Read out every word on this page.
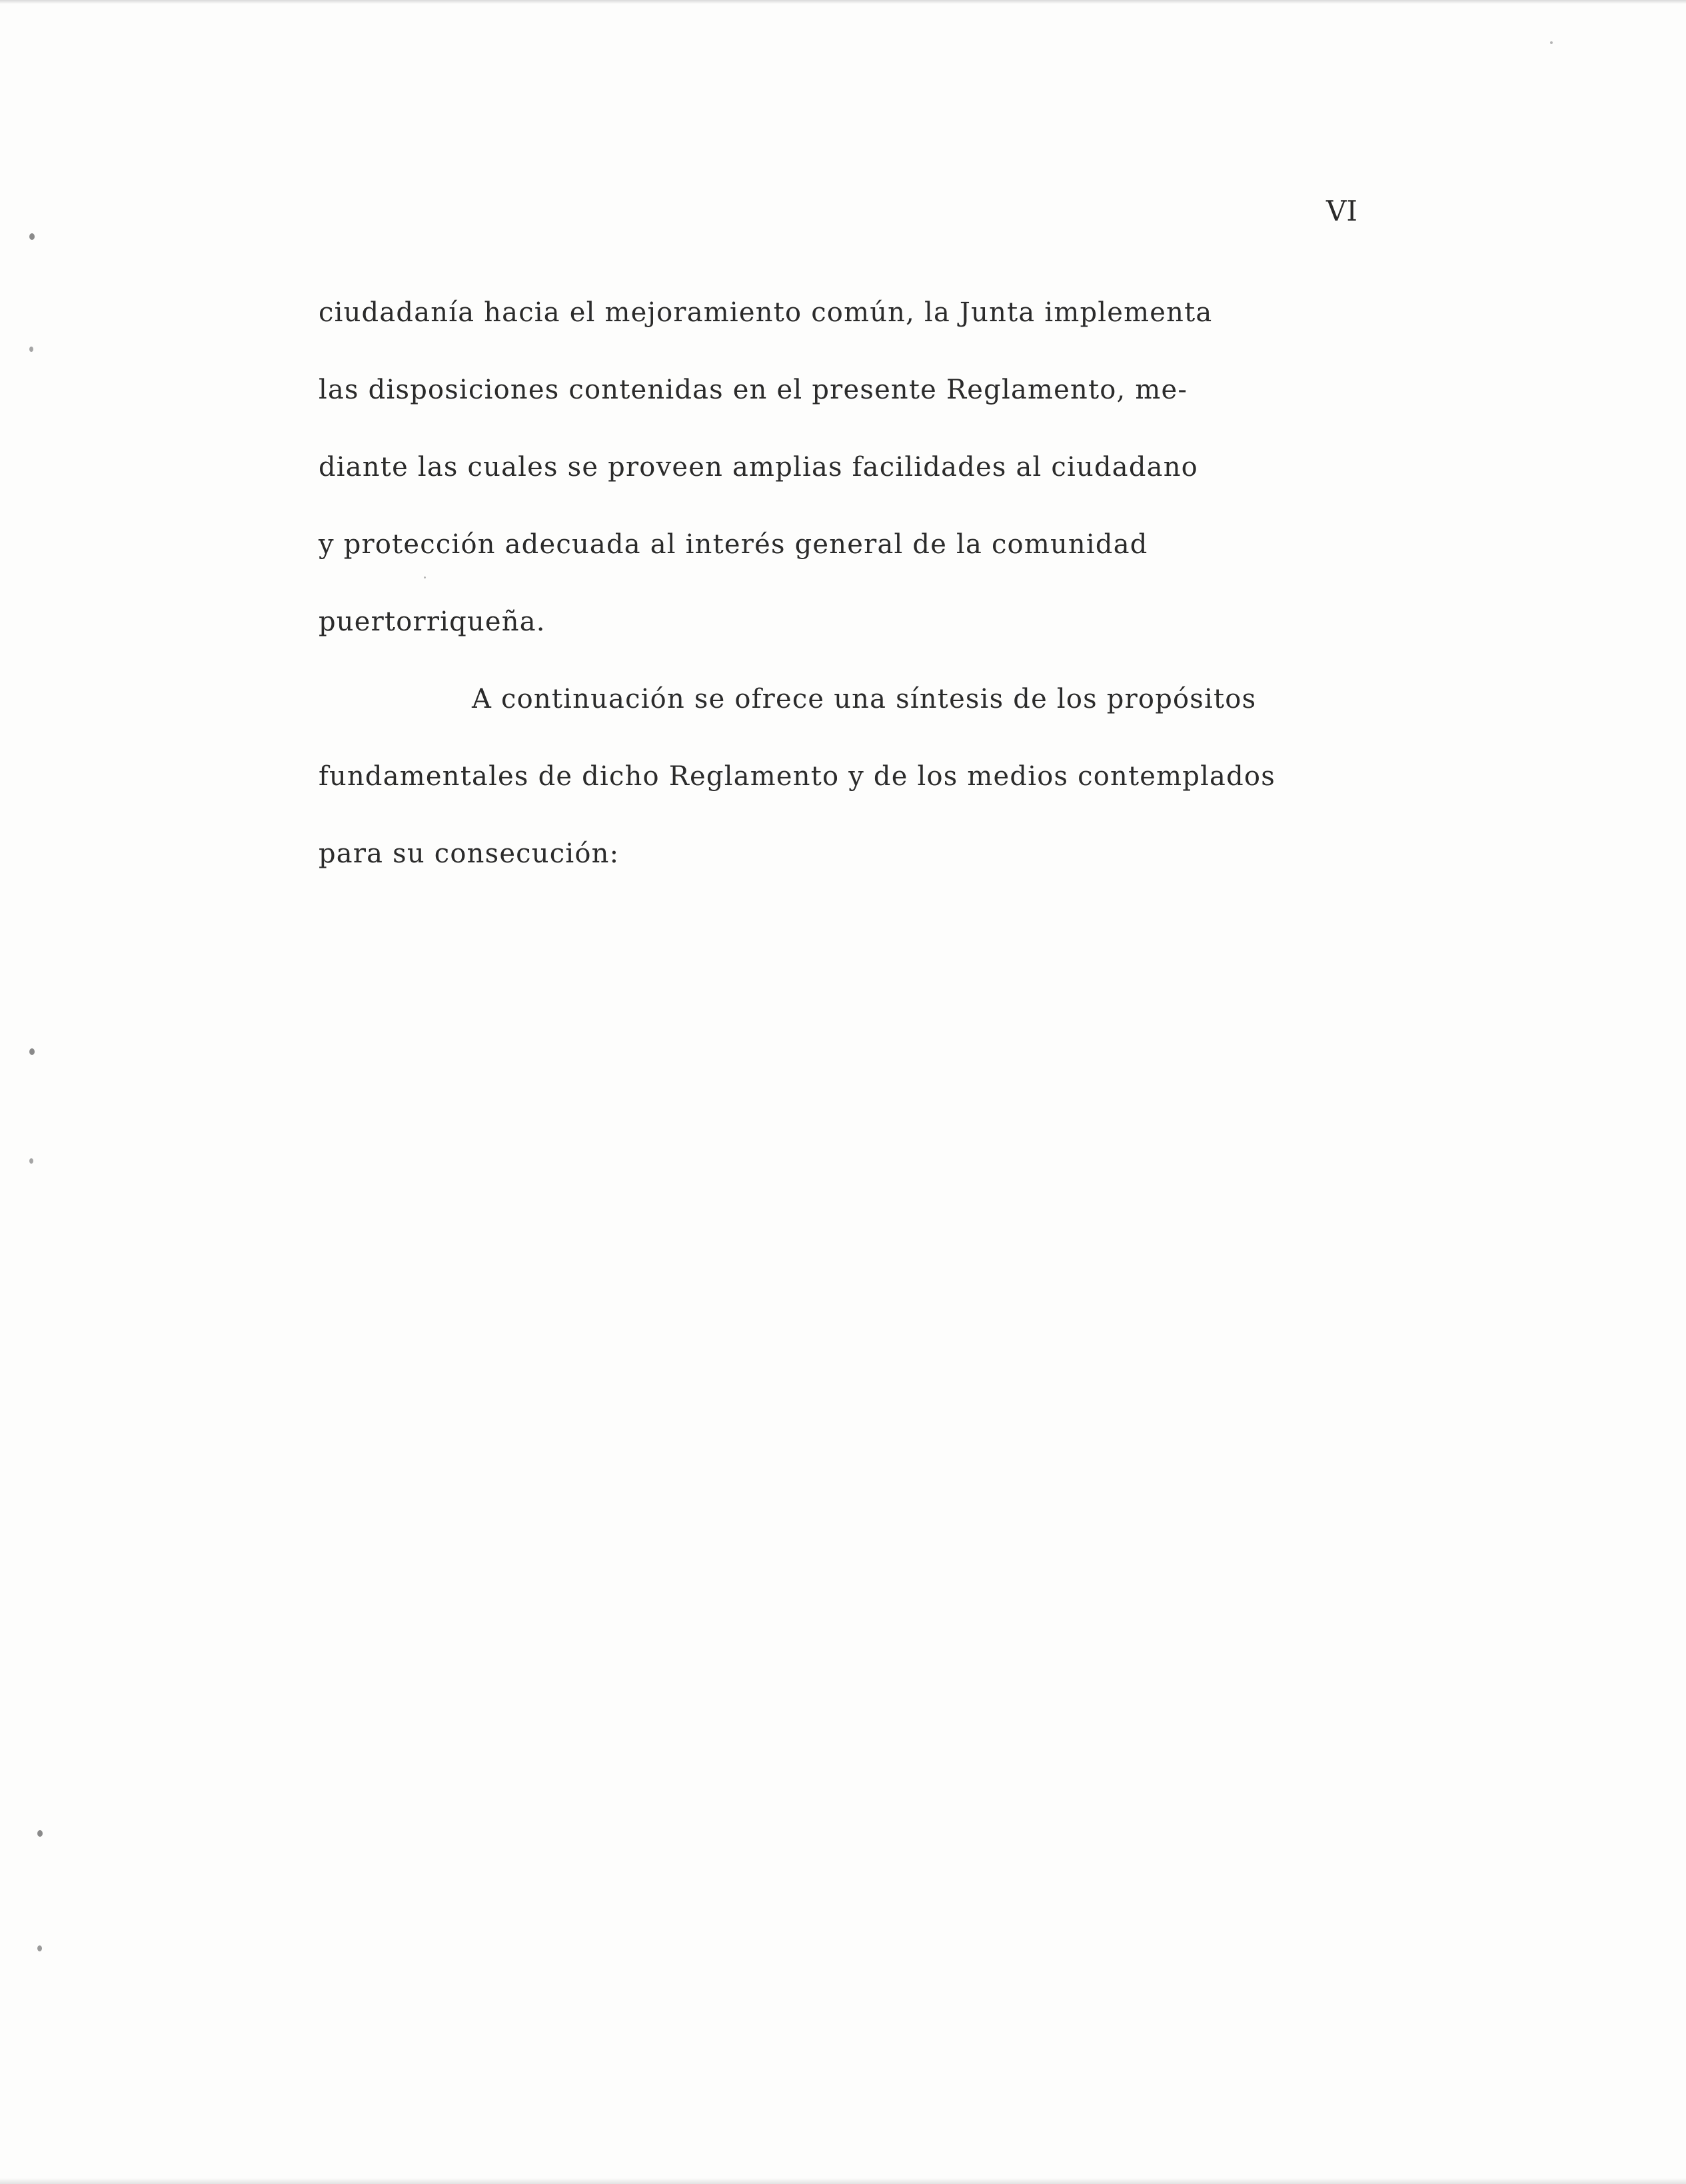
VI
ciudadanía hacia el mejoramiento común, la Junta implementa
las disposiciones contenidas en el presente Reglamento, me-
diante las cuales se proveen amplias facilidades al ciudadano
y protección adecuada al interés general de la comunidad
puertorriqueña.
A continuación se ofrece una síntesis de los propósitos
fundamentales de dicho Reglamento y de los medios contemplados
para su consecución:
